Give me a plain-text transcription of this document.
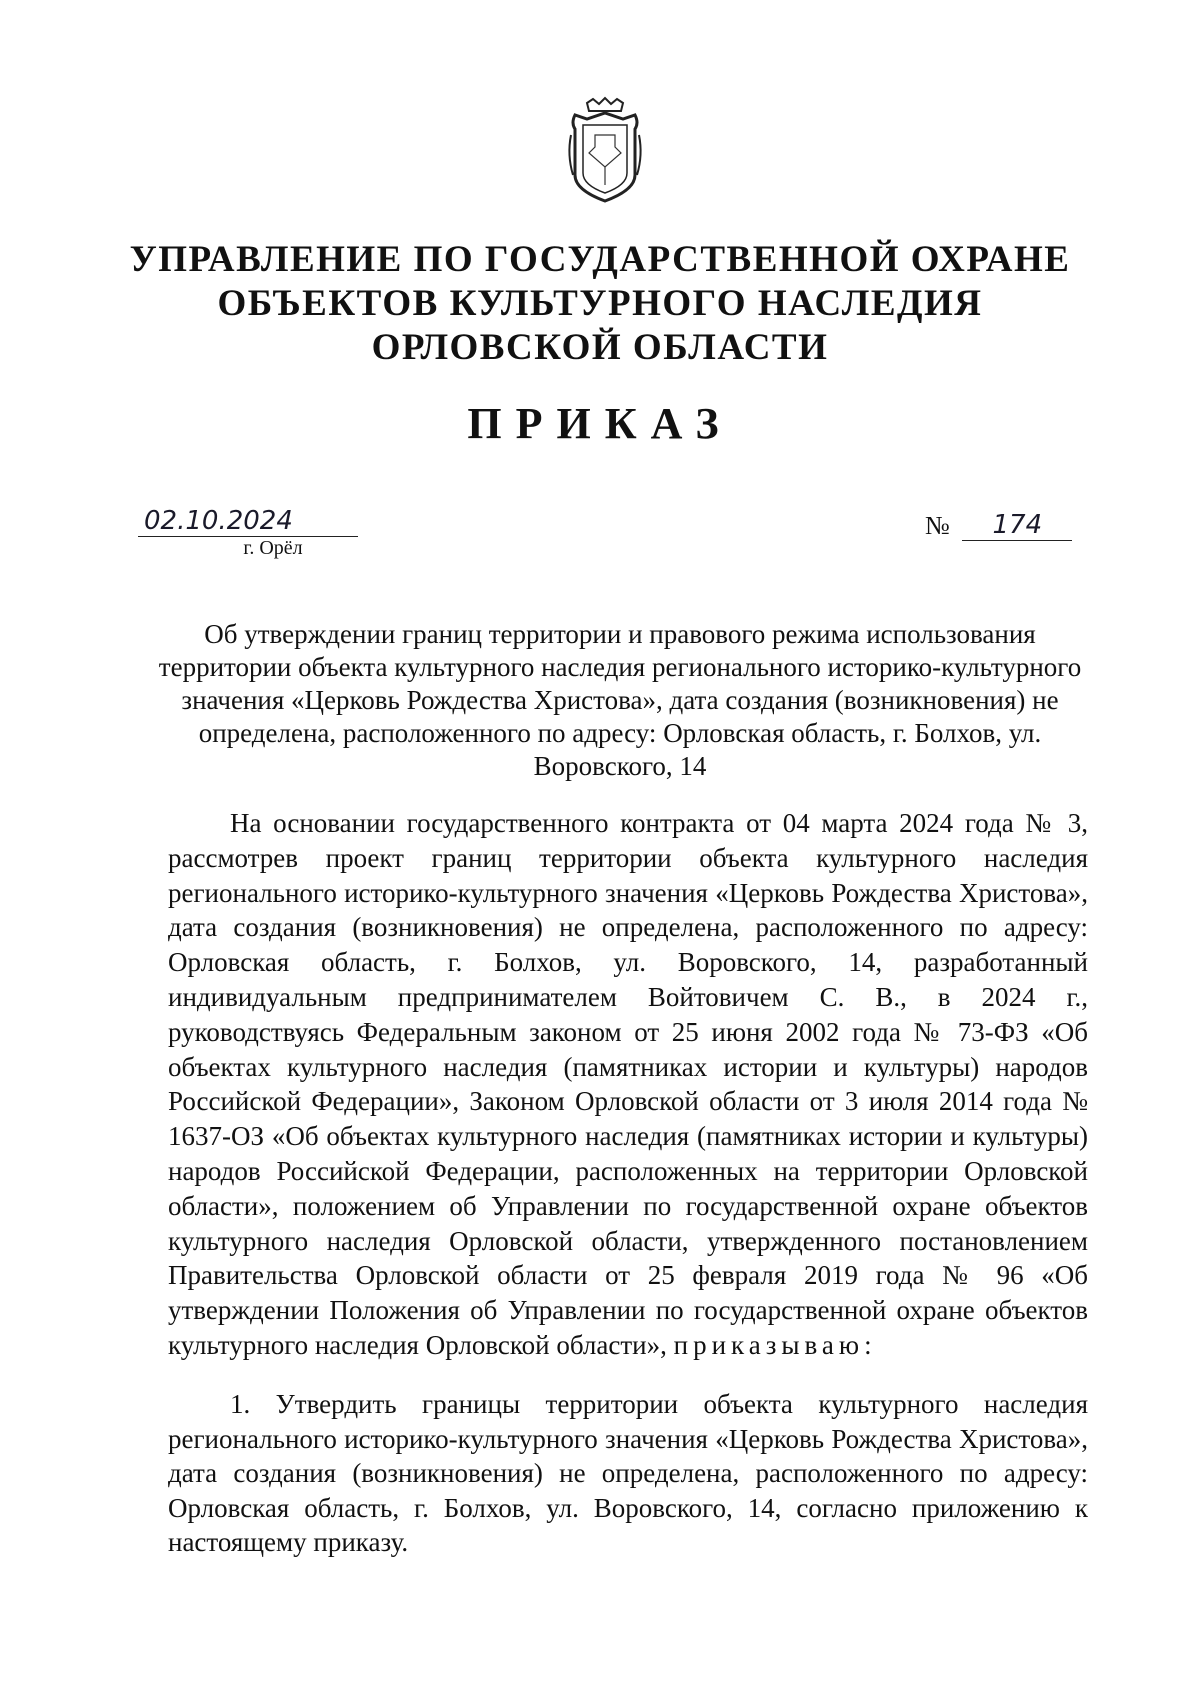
УПРАВЛЕНИЕ ПО ГОСУДАРСТВЕННОЙ ОХРАНЕ
ОБЪЕКТОВ КУЛЬТУРНОГО НАСЛЕДИЯ
ОРЛОВСКОЙ ОБЛАСТИ
ПРИКАЗ
02.10.2024
г. Орёл
№ 174
Об утверждении границ территории и правового режима использования территории объекта культурного наследия регионального историко-культурного значения «Церковь Рождества Христова», дата создания (возникновения) не определена, расположенного по адресу: Орловская область, г. Болхов, ул. Воровского, 14

На основании государственного контракта от 04 марта 2024 года № 3, рассмотрев проект границ территории объекта культурного наследия регионального историко-культурного значения «Церковь Рождества Христова», дата создания (возникновения) не определена, расположенного по адресу: Орловская область, г. Болхов, ул. Воровского, 14, разработанный индивидуальным предпринимателем Войтовичем С. В., в 2024 г., руководствуясь Федеральным законом от 25 июня 2002 года № 73-ФЗ «Об объектах культурного наследия (памятниках истории и культуры) народов Российской Федерации», Законом Орловской области от 3 июля 2014 года № 1637-ОЗ «Об объектах культурного наследия (памятниках истории и культуры) народов Российской Федерации, расположенных на территории Орловской области», положением об Управлении по государственной охране объектов культурного наследия Орловской области, утвержденного постановлением Правительства Орловской области от 25 февраля 2019 года № 96 «Об утверждении Положения об Управлении по государственной охране объектов культурного наследия Орловской области», приказываю:

1. Утвердить границы территории объекта культурного наследия регионального историко-культурного значения «Церковь Рождества Христова», дата создания (возникновения) не определена, расположенного по адресу: Орловская область, г. Болхов, ул. Воровского, 14, согласно приложению к настоящему приказу.
